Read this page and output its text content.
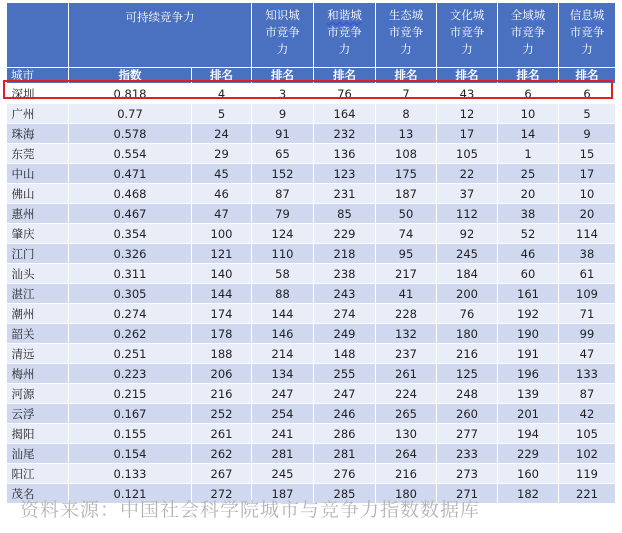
	可持续竞争力		知识城
市竞争
力	和谐城
市竞争
力	生态城
市竞争
力	文化城
市竞争
力	全域城
市竞争
力	信息城
市竞争
力
城市	指数	排名	排名	排名	排名	排名	排名	排名
深圳	0.818	4	3	76	7	43	6	6
广州	0.77	5	9	164	8	12	10	5
珠海	0.578	24	91	232	13	17	14	9
东莞	0.554	29	65	136	108	105	1	15
中山	0.471	45	152	123	175	22	25	17
佛山	0.468	46	87	231	187	37	20	10
惠州	0.467	47	79	85	50	112	38	20
肇庆	0.354	100	124	229	74	92	52	114
江门	0.326	121	110	218	95	245	46	38
汕头	0.311	140	58	238	217	184	60	61
湛江	0.305	144	88	243	41	200	161	109
潮州	0.274	174	144	274	228	76	192	71
韶关	0.262	178	146	249	132	180	190	99
清远	0.251	188	214	148	237	216	191	47
梅州	0.223	206	134	255	261	125	196	133
河源	0.215	216	247	247	224	248	139	87
云浮	0.167	252	254	246	265	260	201	42
揭阳	0.155	261	241	286	130	277	194	105
汕尾	0.154	262	281	281	264	233	229	102
阳江	0.133	267	245	276	216	273	160	119
茂名	0.121	272	187	285	180	271	182	221
资料来源：中国社会科学院城市与竞争力指数数据库
